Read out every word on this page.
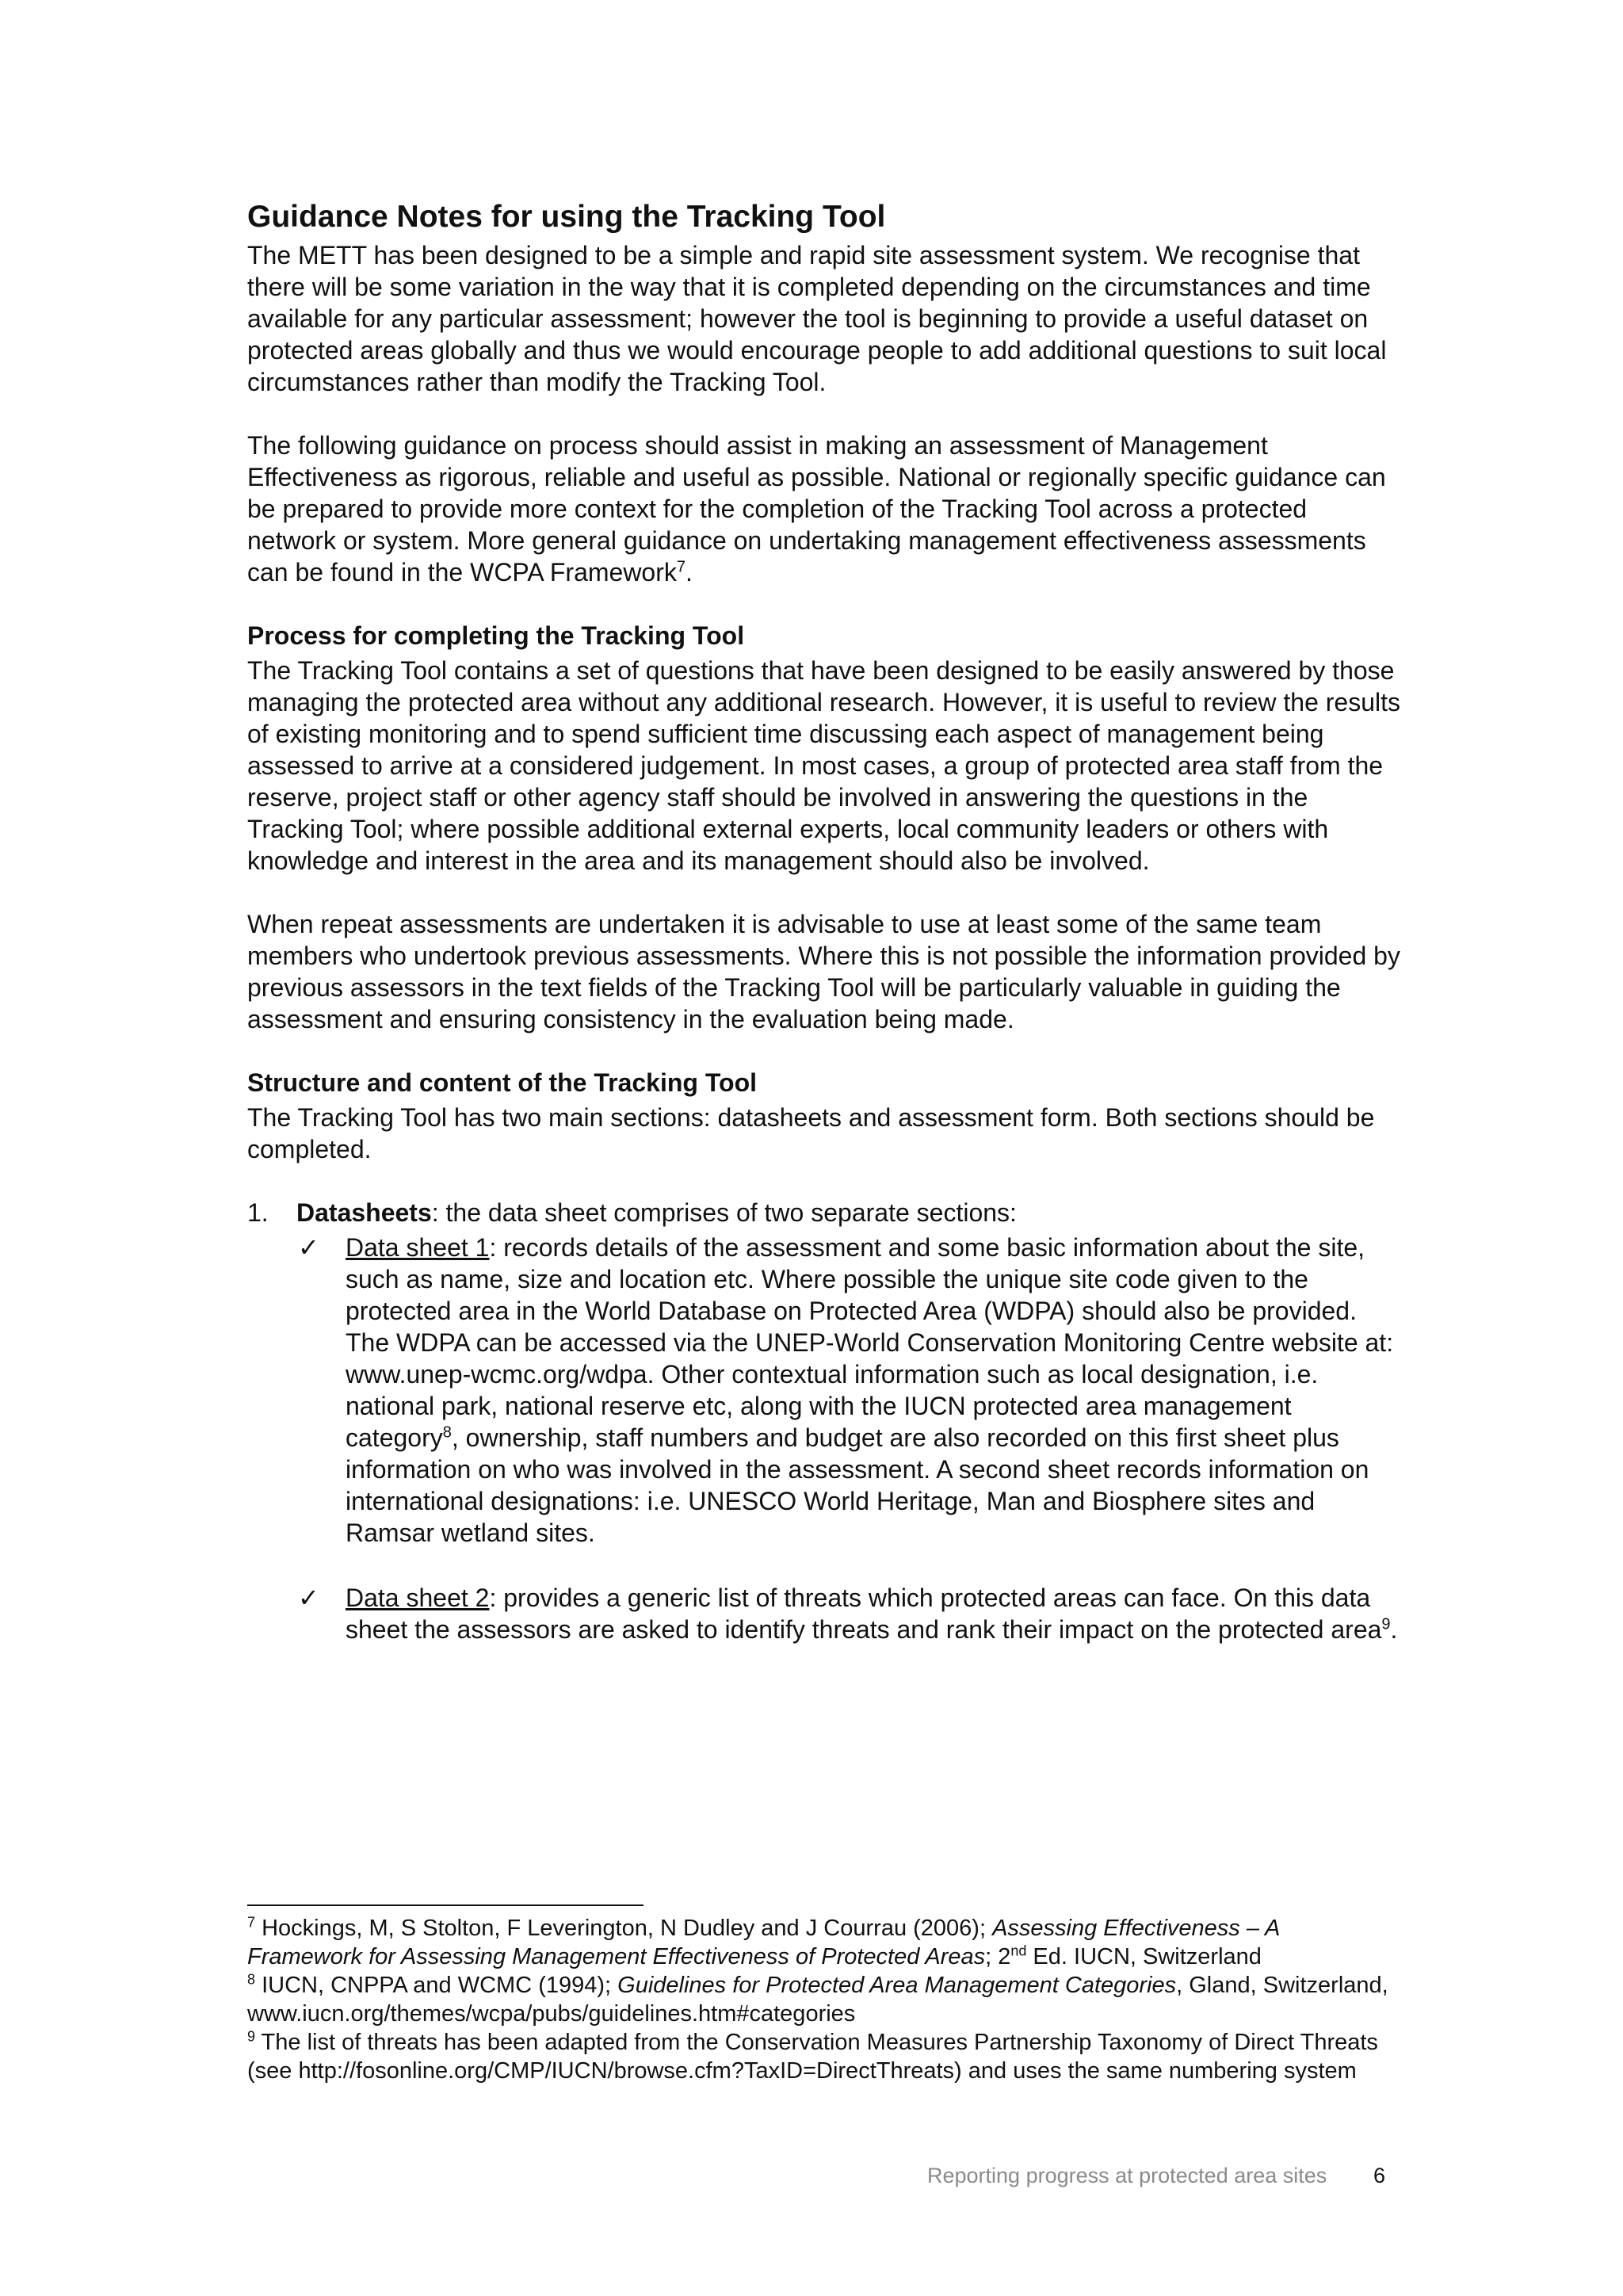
Guidance Notes for using the Tracking Tool

The METT has been designed to be a simple and rapid site assessment system. We recognise that there will be some variation in the way that it is completed depending on the circumstances and time available for any particular assessment; however the tool is beginning to provide a useful dataset on protected areas globally and thus we would encourage people to add additional questions to suit local circumstances rather than modify the Tracking Tool.

The following guidance on process should assist in making an assessment of Management Effectiveness as rigorous, reliable and useful as possible. National or regionally specific guidance can be prepared to provide more context for the completion of the Tracking Tool across a protected network or system. More general guidance on undertaking management effectiveness assessments can be found in the WCPA Framework$^7$.

Process for completing the Tracking Tool

The Tracking Tool contains a set of questions that have been designed to be easily answered by those managing the protected area without any additional research. However, it is useful to review the results of existing monitoring and to spend sufficient time discussing each aspect of management being assessed to arrive at a considered judgement. In most cases, a group of protected area staff from the reserve, project staff or other agency staff should be involved in answering the questions in the Tracking Tool; where possible additional external experts, local community leaders or others with knowledge and interest in the area and its management should also be involved.

When repeat assessments are undertaken it is advisable to use at least some of the same team members who undertook previous assessments. Where this is not possible the information provided by previous assessors in the text fields of the Tracking Tool will be particularly valuable in guiding the assessment and ensuring consistency in the evaluation being made.

Structure and content of the Tracking Tool

The Tracking Tool has two main sections: datasheets and assessment form. Both sections should be completed.

1. Datasheets: the data sheet comprises of two separate sections:
✓ Data sheet 1: records details of the assessment and some basic information about the site, such as name, size and location etc. Where possible the unique site code given to the protected area in the World Database on Protected Area (WDPA) should also be provided. The WDPA can be accessed via the UNEP-World Conservation Monitoring Centre website at: www.unep-wcmc.org/wdpa. Other contextual information such as local designation, i.e. national park, national reserve etc, along with the IUCN protected area management category$^8$, ownership, staff numbers and budget are also recorded on this first sheet plus information on who was involved in the assessment. A second sheet records information on international designations: i.e. UNESCO World Heritage, Man and Biosphere sites and Ramsar wetland sites.
✓ Data sheet 2: provides a generic list of threats which protected areas can face. On this data sheet the assessors are asked to identify threats and rank their impact on the protected area$^9$.
$^7$ Hockings, M, S Stolton, F Leverington, N Dudley and J Courrau (2006); Assessing Effectiveness – A Framework for Assessing Management Effectiveness of Protected Areas; 2nd Ed. IUCN, Switzerland
$^8$ IUCN, CNPPA and WCMC (1994); Guidelines for Protected Area Management Categories, Gland, Switzerland, www.iucn.org/themes/wcpa/pubs/guidelines.htm#categories
$^9$ The list of threats has been adapted from the Conservation Measures Partnership Taxonomy of Direct Threats (see http://fosonline.org/CMP/IUCN/browse.cfm?TaxID=DirectThreats) and uses the same numbering system
Reporting progress at protected area sites 6
